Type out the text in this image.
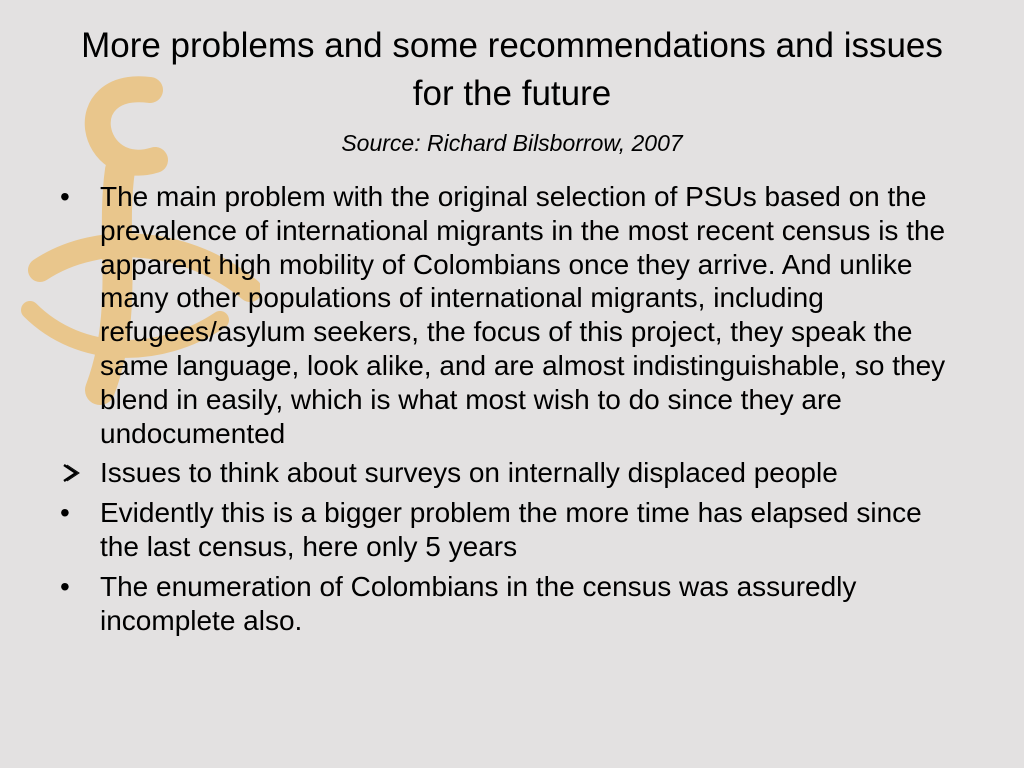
More problems and some recommendations and issues for the future
Source: Richard Bilsborrow, 2007
•
The main problem with the original selection of PSUs based on the prevalence of international migrants in the most recent census is the apparent high mobility of Colombians once they arrive. And unlike many other populations of international migrants, including refugees/asylum seekers, the focus of this project, they speak the same language, look alike, and are almost indistinguishable, so they blend in easily, which is what most wish to do since they are undocumented
Issues to think about surveys on internally displaced people
•
Evidently this is a bigger problem the more time has elapsed since the last census, here only 5 years
•
The enumeration of Colombians in the census was assuredly incomplete also.
